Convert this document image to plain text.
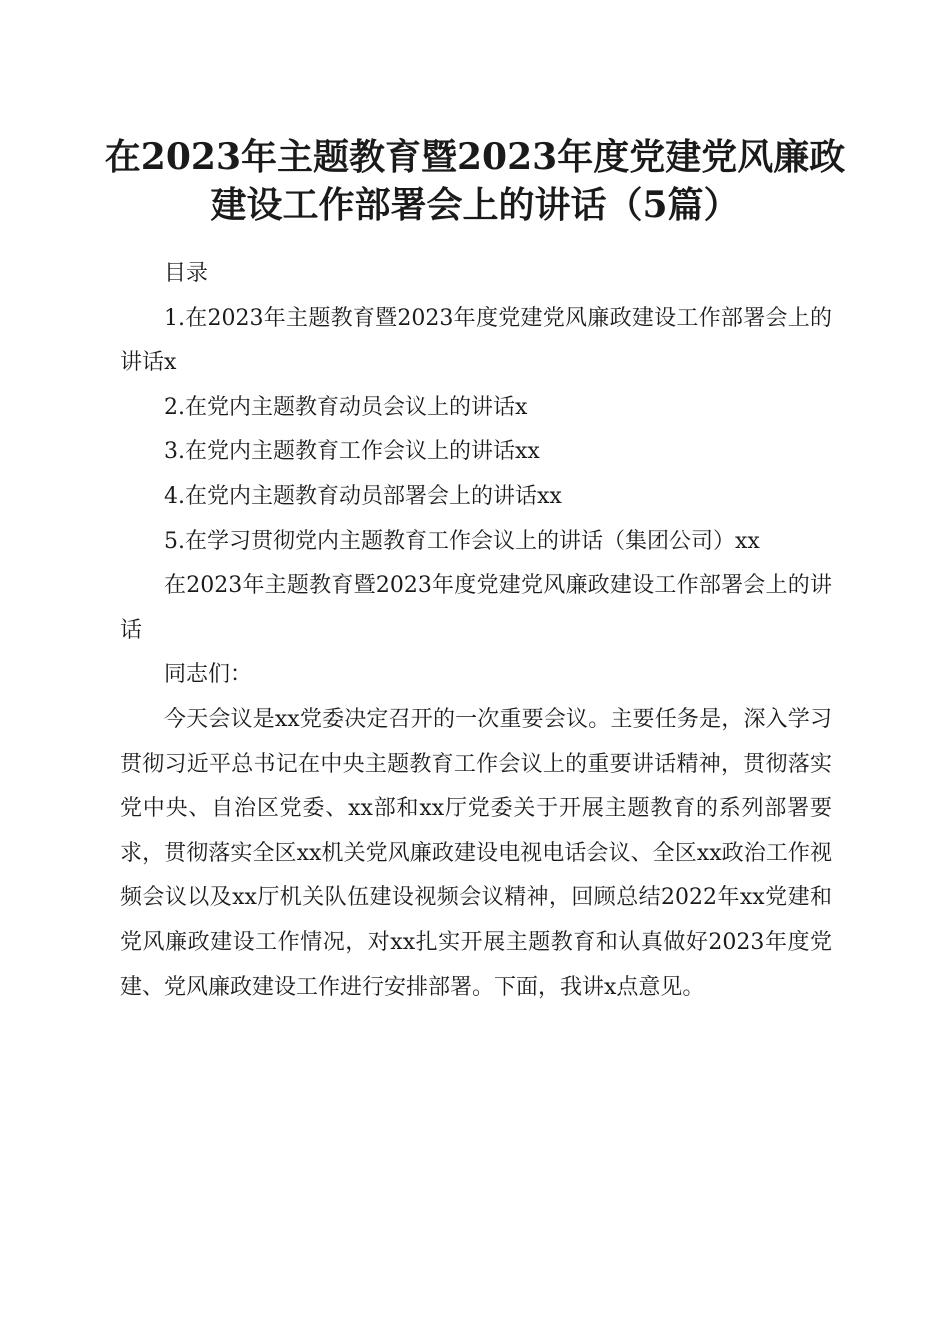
在2023年主题教育暨2023年度党建党风廉政
建设工作部署会上的讲话（5篇）

目录

1.在2023年主题教育暨2023年度党建党风廉政建设工作部署会上的讲话x

2.在党内主题教育动员会议上的讲话x

3.在党内主题教育工作会议上的讲话xx

4.在党内主题教育动员部署会上的讲话xx

5.在学习贯彻党内主题教育工作会议上的讲话（集团公司）xx

在2023年主题教育暨2023年度党建党风廉政建设工作部署会上的讲话

同志们：

今天会议是xx党委决定召开的一次重要会议。主要任务是，深入学习贯彻习近平总书记在中央主题教育工作会议上的重要讲话精神，贯彻落实党中央、自治区党委、xx部和xx厅党委关于开展主题教育的系列部署要求，贯彻落实全区xx机关党风廉政建设电视电话会议、全区xx政治工作视频会议以及xx厅机关队伍建设视频会议精神，回顾总结2022年xx党建和党风廉政建设工作情况，对xx扎实开展主题教育和认真做好2023年度党建、党风廉政建设工作进行安排部署。下面，我讲x点意见。
